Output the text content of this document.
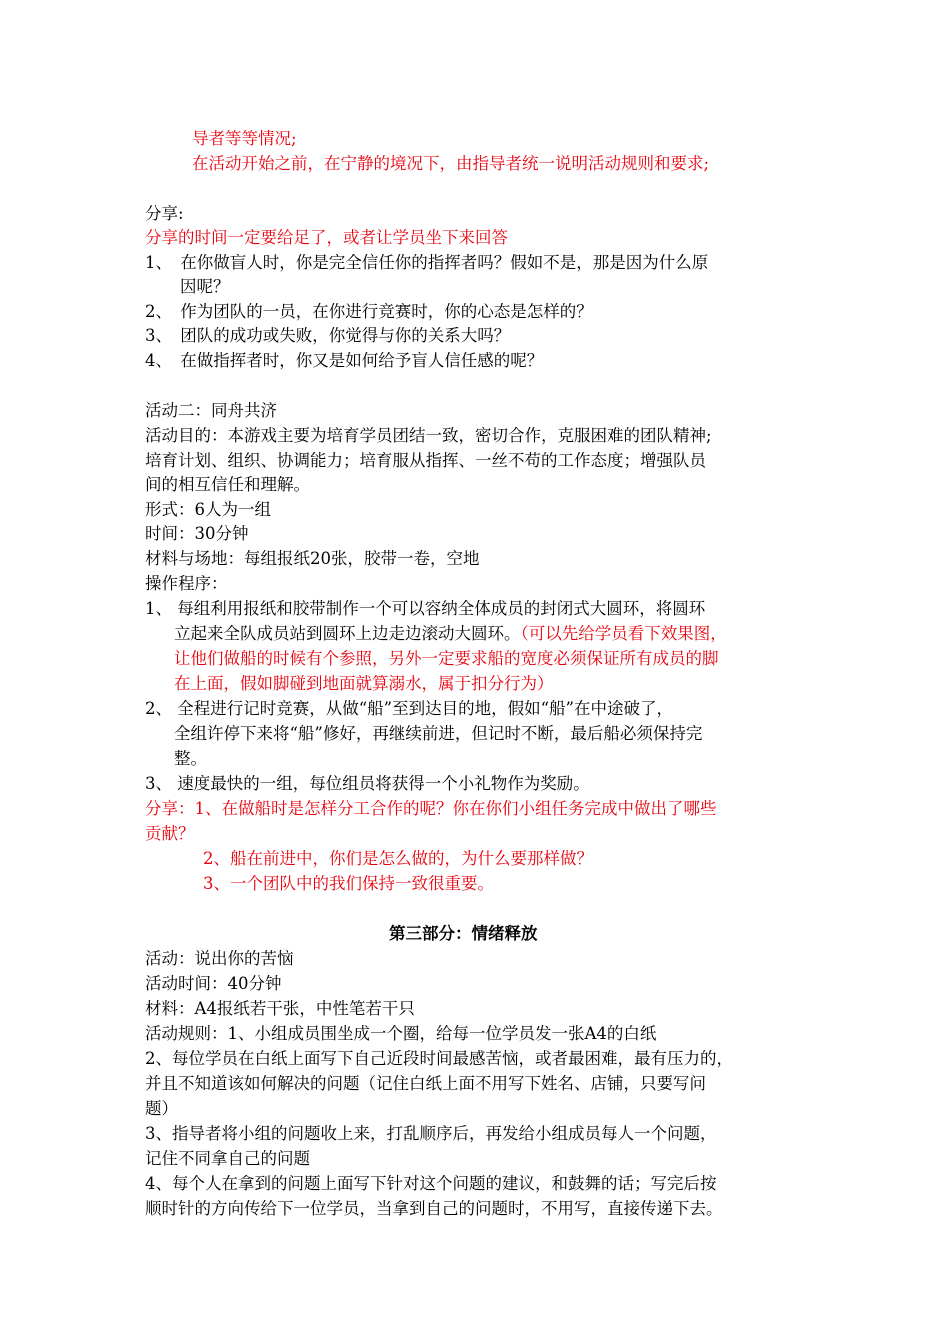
导者等等情况;
在活动开始之前，在宁静的境况下，由指导者统一说明活动规则和要求;
分享:
分享的时间一定要给足了，或者让学员坐下来回答
1、　在你做盲人时，你是完全信任你的指挥者吗？假如不是，那是因为什么原
因呢？
2、　作为团队的一员，在你进行竞赛时，你的心态是怎样的？
3、　团队的成功或失败，你觉得与你的关系大吗？
4、　在做指挥者时，你又是如何给予盲人信任感的呢？
活动二：同舟共济
活动目的：本游戏主要为培育学员团结一致，密切合作，克服困难的团队精神;
培育计划、组织、协调能力；培育服从指挥、一丝不苟的工作态度；增强队员
间的相互信任和理解。
形式：6人为一组
时间：30分钟
材料与场地：每组报纸20张，胶带一卷，空地
操作程序：
1、 每组利用报纸和胶带制作一个可以容纳全体成员的封闭式大圆环，将圆环
立起来全队成员站到圆环上边走边滚动大圆环。（可以先给学员看下效果图，
让他们做船的时候有个参照，另外一定要求船的宽度必须保证所有成员的脚
在上面，假如脚碰到地面就算溺水，属于扣分行为）
2、 全程进行记时竞赛，从做“船”至到达目的地，假如“船”在中途破了，
全组许停下来将“船”修好，再继续前进，但记时不断，最后船必须保持完
整。
3、 速度最快的一组，每位组员将获得一个小礼物作为奖励。
分享：1、在做船时是怎样分工合作的呢？你在你们小组任务完成中做出了哪些
贡献？
2、船在前进中，你们是怎么做的，为什么要那样做？
3、一个团队中的我们保持一致很重要。
第三部分：情绪释放
活动：说出你的苦恼
活动时间：40分钟
材料：A4报纸若干张，中性笔若干只
活动规则：1、小组成员围坐成一个圈，给每一位学员发一张A4的白纸
2、每位学员在白纸上面写下自己近段时间最感苦恼，或者最困难，最有压力的，
并且不知道该如何解决的问题（记住白纸上面不用写下姓名、店铺，只要写问
题）
3、指导者将小组的问题收上来，打乱顺序后，再发给小组成员每人一个问题，
记住不同拿自己的问题
4、每个人在拿到的问题上面写下针对这个问题的建议，和鼓舞的话；写完后按
顺时针的方向传给下一位学员，当拿到自己的问题时，不用写，直接传递下去。
